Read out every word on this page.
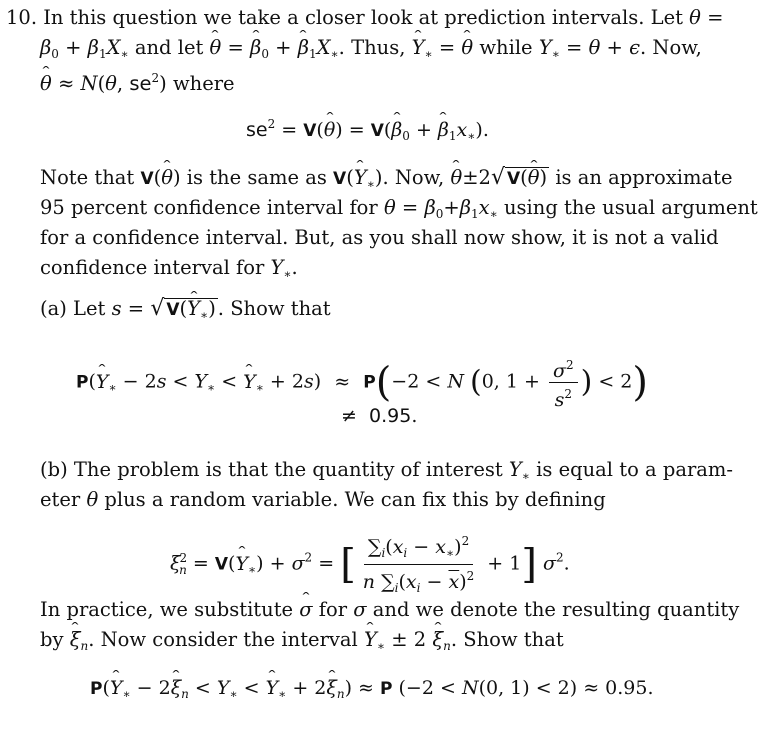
10. In this question we take a closer look at prediction intervals. Let θ =
$\beta_0 + \beta_1X_∗$ and let ˆ θ = ˆ $\beta_0$ + ˆ $\beta_1X_∗$. Thus, ˆ $Y_∗$ = ˆ θ while $Y_∗ = \theta + \epsilon$. Now,
ˆ θ ≈ N(θ, $se^2$) where
$se^2$ = V(ˆ θ) = V(ˆ $\beta_0$ + ˆ $\beta_1x_∗$).
Note that V(ˆ θ) is the same as V(ˆ $Y_∗$). Now, ˆ θ±2√ V(ˆ θ) is an approximate
95 percent confidence interval for $\theta = \beta_0+\beta_1x_∗$ using the usual argument
for a confidence interval. But, as you shall now show, it is not a valid
confidence interval for $Y_∗$.
(a) Let s = √ V(ˆ $Y_∗$) . Show that
P(ˆ $Y_∗ - 2s < Y_∗$ < ˆ $Y_∗ + 2s) \approx P(-2 < N$ (0, $1 + \frac{\sigma^2}{s^2}$ ) < 2)
≠  0.95.
(b) The problem is that the quantity of interest $Y_∗$ is equal to a param-
eter θ plus a random variable. We can fix this by defining
$\xi^2_n$ = V(ˆ $Y_∗) + \sigma^2$ = [ $\frac{\sum_i(x_i - x_∗)^2}{n \sum_i(x_i - \overline{x})^2} + 1$] $\sigma^2$.
In practice, we substitute ˆ σ for σ and we denote the resulting quantity
by ˆ $\xi_n$. Now consider the interval ˆ $Y_∗ \pm 2$ ˆ $\xi_n$. Show that
P(ˆ $Y_∗$ − 2ˆ $\xi_n < Y_∗$ < ˆ $Y_∗$ + 2ˆ $\xi_n) \approx P$ (−2 < N(0, 1) < 2) ≈ 0.95.
